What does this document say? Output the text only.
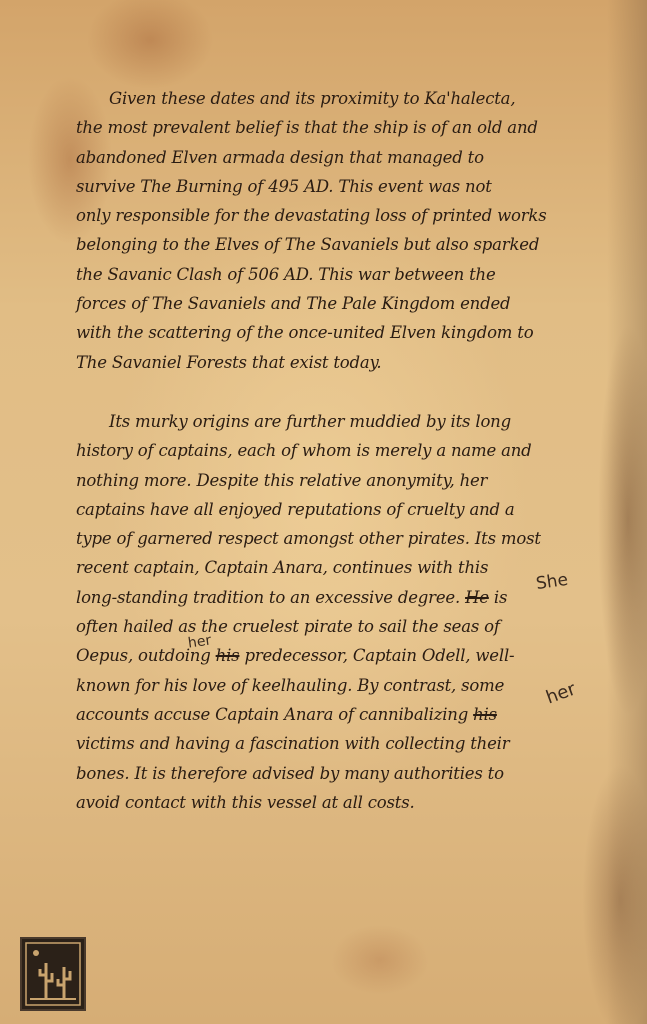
Given these dates and its proximity to Ka'halecta,
the most prevalent belief is that the ship is of an old and
abandoned Elven armada design that managed to
survive The Burning of 495 AD. This event was not
only responsible for the devastating loss of printed works
belonging to the Elves of The Savaniels but also sparked
the Savanic Clash of 506 AD. This war between the
forces of The Savaniels and The Pale Kingdom ended
with the scattering of the once-united Elven kingdom to
The Savaniel Forests that exist today.

Its murky origins are further muddied by its long
history of captains, each of whom is merely a name and
nothing more. Despite this relative anonymity, her
captains have all enjoyed reputations of cruelty and a
type of garnered respect amongst other pirates. Its most
recent captain, Captain Anara, continues with this
long-standing tradition to an excessive degree. He is
often hailed as the cruelest pirate to sail the seas of
Oepus, outdoing his predecessor, Captain Odell, well-
known for his love of keelhauling. By contrast, some
accounts accuse Captain Anara of cannibalizing his
victims and having a fascination with collecting their
bones. It is therefore advised by many authorities to
avoid contact with this vessel at all costs.

She
her
her
